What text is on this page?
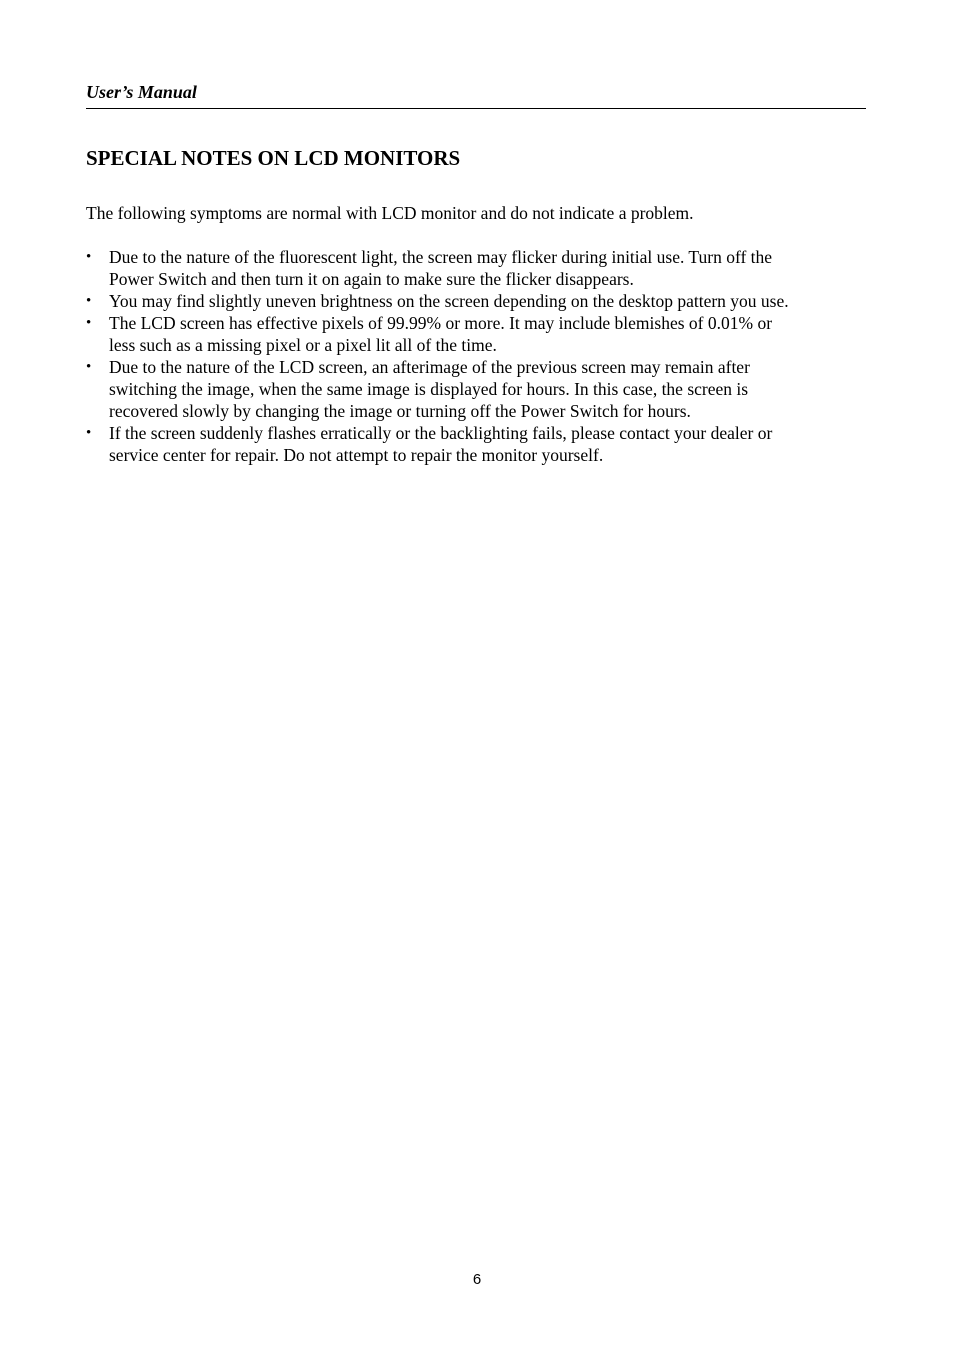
User’s Manual
SPECIAL NOTES ON LCD MONITORS

The following symptoms are normal with LCD monitor and do not indicate a problem.

•	Due to the nature of the fluorescent light, the screen may flicker during initial use. Turn off the
Power Switch and then turn it on again to make sure the flicker disappears.
•	You may find slightly uneven brightness on the screen depending on the desktop pattern you use.
•	The LCD screen has effective pixels of 99.99% or more. It may include blemishes of 0.01% or
less such as a missing pixel or a pixel lit all of the time.
•	Due to the nature of the LCD screen, an afterimage of the previous screen may remain after
switching the image, when the same image is displayed for hours. In this case, the screen is
recovered slowly by changing the image or turning off the Power Switch for hours.
•	If the screen suddenly flashes erratically or the backlighting fails, please contact your dealer or
service center for repair. Do not attempt to repair the monitor yourself.
6
